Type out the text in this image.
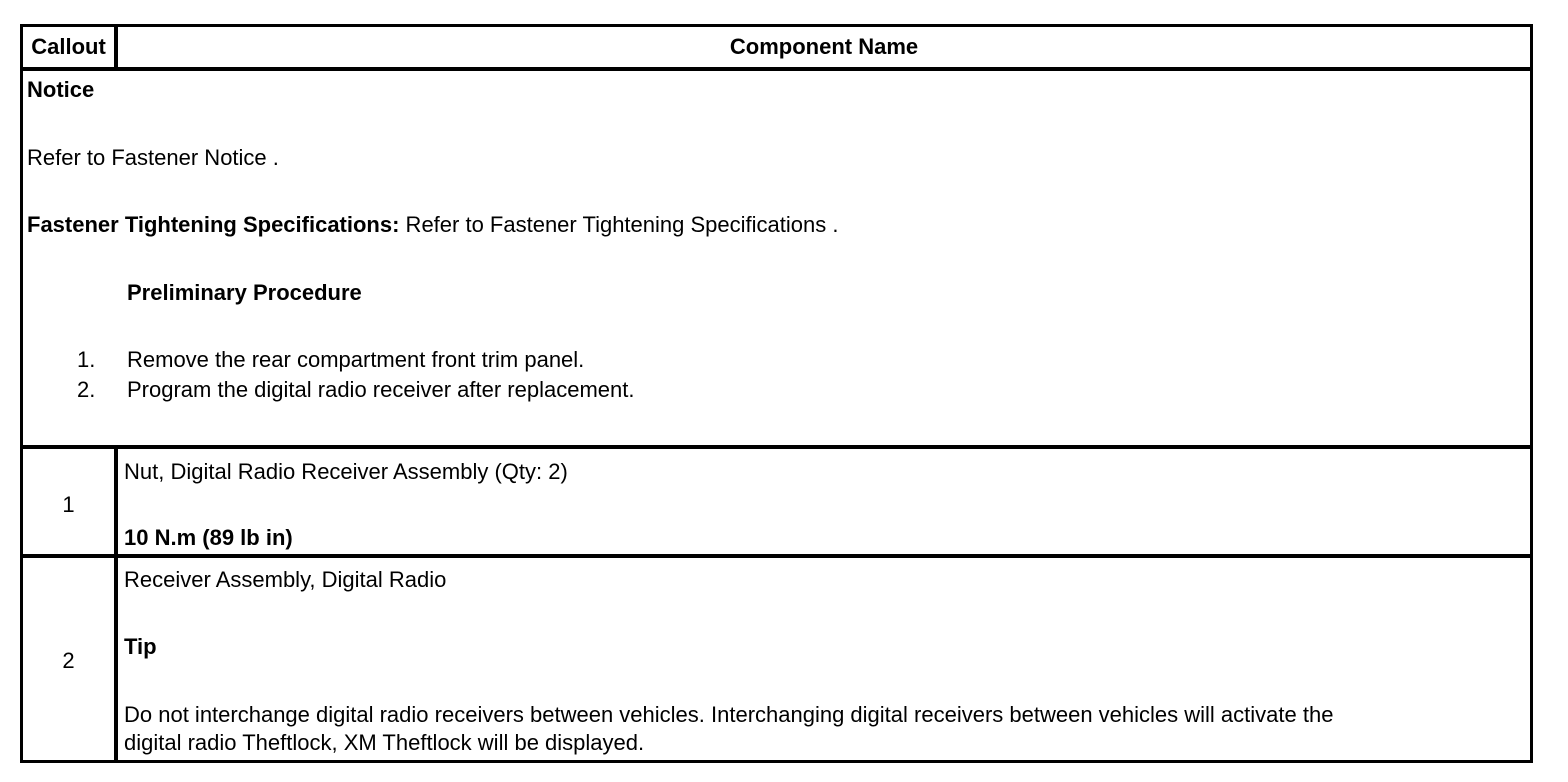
Callout	Component Name
Notice
Refer to Fastener Notice .
Fastener Tightening Specifications: Refer to Fastener Tightening Specifications .
Preliminary Procedure
1. Remove the rear compartment front trim panel.
2. Program the digital radio receiver after replacement.
1
Nut, Digital Radio Receiver Assembly (Qty: 2)
10 N.m (89 lb in)
2
Receiver Assembly, Digital Radio
Tip
Do not interchange digital radio receivers between vehicles. Interchanging digital receivers between vehicles will activate the
digital radio Theftlock, XM Theftlock will be displayed.
